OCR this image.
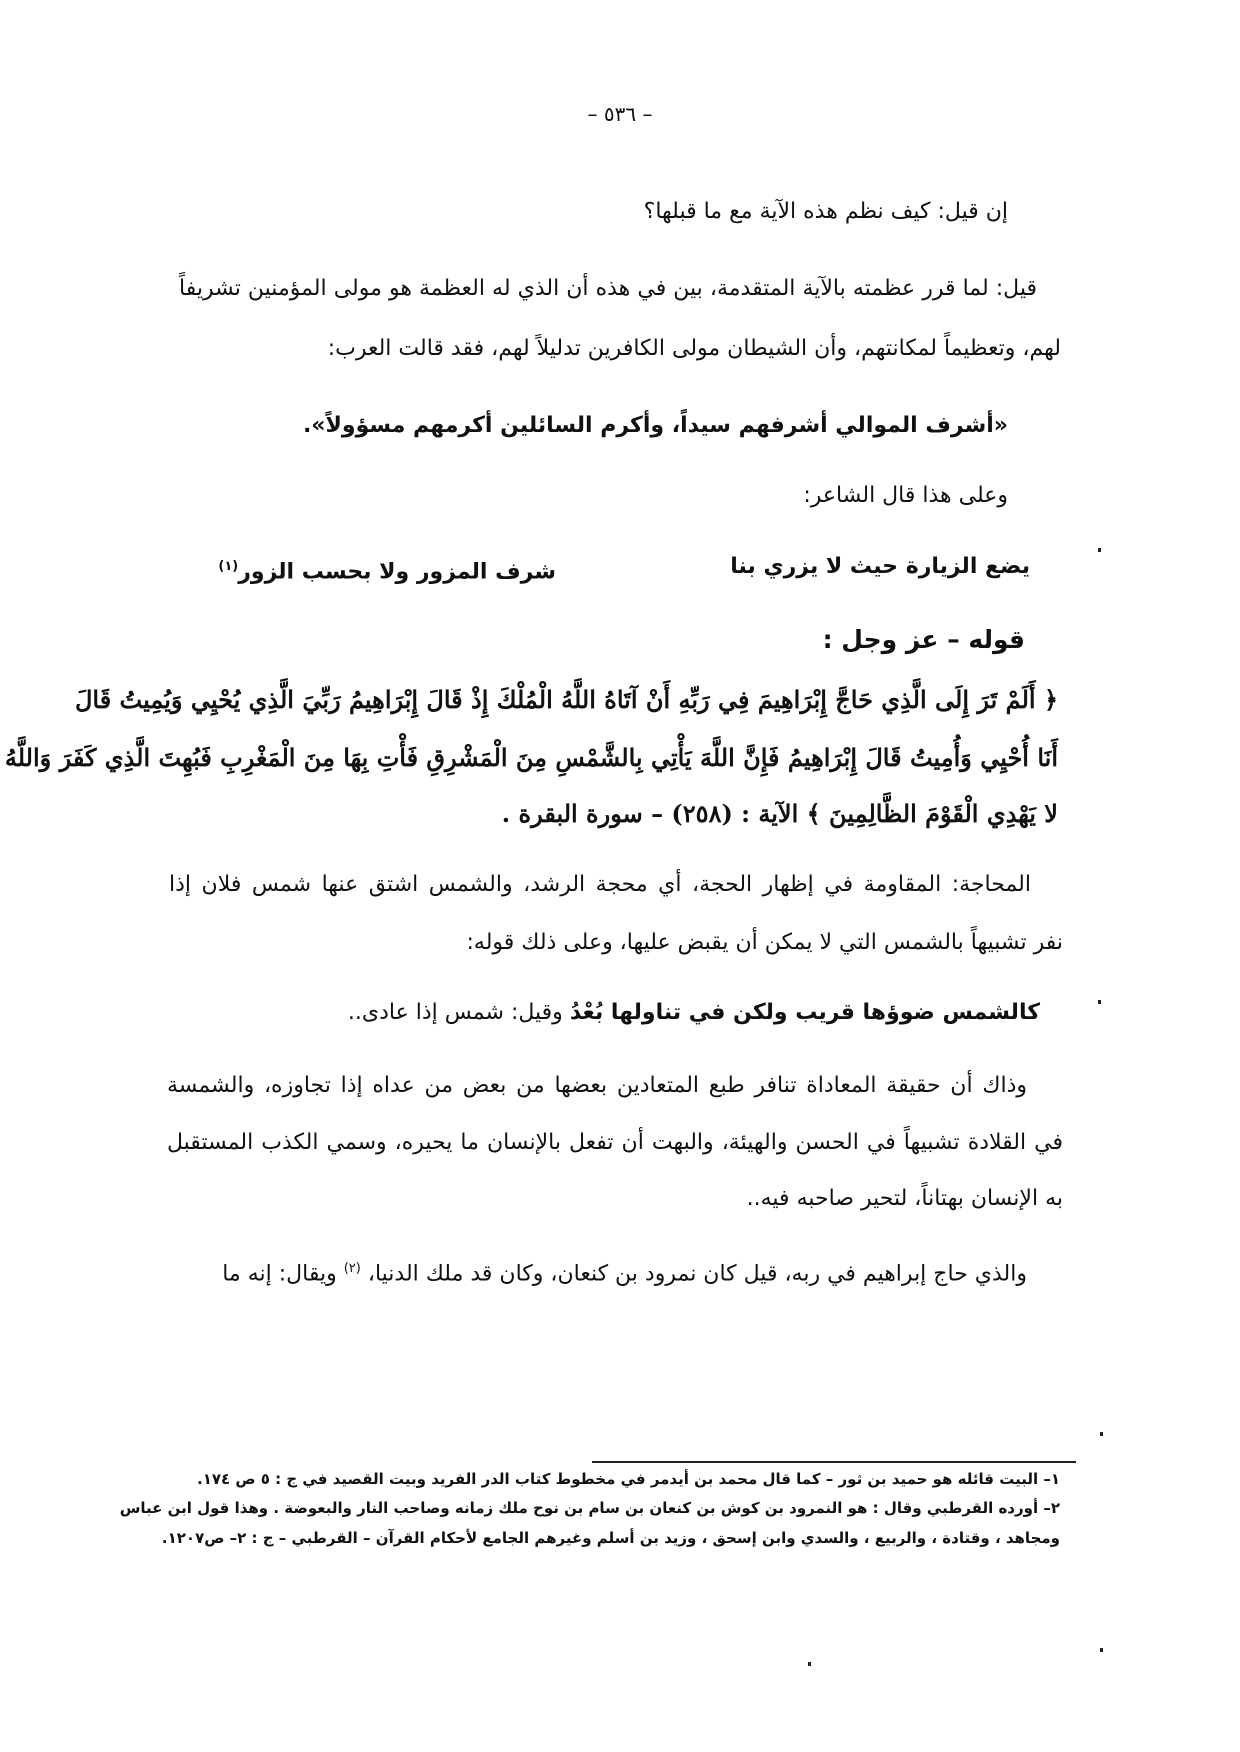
– ٥٣٦ –
إن قيل: كيف نظم هذه الآية مع ما قبلها؟
قيل: لما قرر عظمته بالآية المتقدمة، بين في هذه أن الذي له العظمة هو مولى المؤمنين تشريفاً
لهم، وتعظيماً لمكانتهم، وأن الشيطان مولى الكافرين تدليلاً لهم، فقد قالت العرب:
«أشرف الموالي أشرفهم سيداً، وأكرم السائلين أكرمهم مسؤولاً».
وعلى هذا قال الشاعر:
يضع الزيارة حيث لا يزري بنا
شرف المزور ولا بحسب الزور$^{(١)}$
قوله – عز وجل :
﴿ أَلَمْ تَرَ إِلَى الَّذِي حَاجَّ إِبْرَاهِيمَ فِي رَبِّهِ أَنْ آتَاهُ اللَّهُ الْمُلْكَ إِذْ قَالَ إِبْرَاهِيمُ رَبِّيَ الَّذِي يُحْيِي وَيُمِيتُ قَالَ
أَنَا أُحْيِي وَأُمِيتُ قَالَ إِبْرَاهِيمُ فَإِنَّ اللَّهَ يَأْتِي بِالشَّمْسِ مِنَ الْمَشْرِقِ فَأْتِ بِهَا مِنَ الْمَغْرِبِ فَبُهِتَ الَّذِي كَفَرَ وَاللَّهُ
لا يَهْدِي الْقَوْمَ الظَّالِمِينَ ﴾ الآية : (٢٥٨) – سورة البقرة .
المحاجة: المقاومة في إظهار الحجة، أي محجة الرشد، والشمس اشتق عنها شمس فلان إذا
نفر تشبيهاً بالشمس التي لا يمكن أن يقبض عليها، وعلى ذلك قوله:
كالشمس ضوؤها قريب ولكن في تناولها بُعْدُ وقيل: شمس إذا عادى..
وذاك أن حقيقة المعاداة تنافر طبع المتعادين بعضها من بعض من عداه إذا تجاوزه، والشمسة
في القلادة تشبيهاً في الحسن والهيئة، والبهت أن تفعل بالإنسان ما يحيره، وسمي الكذب المستقبل
به الإنسان بهتاناً، لتحير صاحبه فيه..
والذي حاج إبراهيم في ربه، قيل كان نمرود بن كنعان، وكان قد ملك الدنيا، $^{(٢)}$ ويقال: إنه ما
١– البيت قائله هو حميد بن ثور – كما قال محمد بن أيدمر في مخطوط كتاب الدر الفريد وبيت القصيد في ج : ٥ ص ١٧٤.
٢– أورده القرطبي وقال : هو النمرود بن كوش بن كنعان بن سام بن نوح ملك زمانه وصاحب النار والبعوضة . وهذا قول ابن عباس
ومجاهد ، وقتادة ، والربيع ، والسدي وابن إسحق ، وزيد بن أسلم وغيرهم الجامع لأحكام القرآن – القرطبي – ج : ٢– ص١٢٠٧.
